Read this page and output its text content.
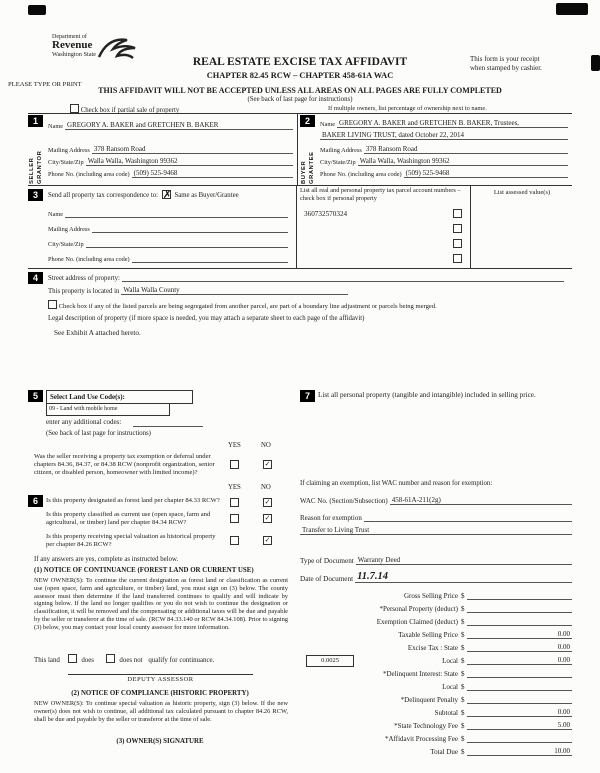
Department of
Revenue
Washington State
REAL ESTATE EXCISE TAX AFFIDAVIT
CHAPTER 82.45 RCW – CHAPTER 458-61A WAC
This form is your receipt
when stamped by cashier.
PLEASE TYPE OR PRINT
THIS AFFIDAVIT WILL NOT BE ACCEPTED UNLESS ALL AREAS ON ALL PAGES ARE FULLY COMPLETED
(See back of last page for instructions)
Check box if partial sale of property	If multiple owners, list percentage of ownership next to name.
1
SELLER GRANTOR
Name GREGORY A. BAKER and GRETCHEN B. BAKER
Mailing Address 378 Ransom Road
City/State/Zip Walla Walla, Washington 99362
Phone No. (including area code) (509) 525-9468
2
BUYER GRANTEE
Name GREGORY A. BAKER and GRETCHEN B. BAKER, Trustees,
BAKER LIVING TRUST, dated October 22, 2014
Mailing Address 378 Ransom Road
City/State/Zip Walla Walla, Washington 99362
Phone No. (including area code) (509) 525-9468
3	Send all property tax correspondence to: ✗ Same as Buyer/Grantee
Name
Mailing Address
City/State/Zip
Phone No. (including area code)
List all real and personal property tax parcel account numbers – check box if personal property
360732570324
List assessed value(s)
4	Street address of property:
This property is located in Walla Walla County
Check box if any of the listed parcels are being segregated from another parcel, are part of a boundary line adjustment or parcels being merged.
Legal description of property (if more space is needed, you may attach a separate sheet to each page of the affidavit)
See Exhibit A attached hereto.
5	Select Land Use Code(s):
09 - Land with mobile home
enter any additional codes:
(See back of last page for instructions)
YES	NO
Was the seller receiving a property tax exemption or deferral under chapters 84.36, 84.37, or 84.38 RCW (nonprofit organization, senior citizen, or disabled person, homeowner with limited income)?
✓
7	List all personal property (tangible and intangible) included in selling price.
YES	NO
6	Is this property designated as forest land per chapter 84.33 RCW?	✓
Is this property classified as current use (open space, farm and agricultural, or timber) land per chapter 84.34 RCW?
✓
Is this property receiving special valuation as historical property per chapter 84.26 RCW?
✓
If any answers are yes, complete as instructed below.
(1) NOTICE OF CONTINUANCE (FOREST LAND OR CURRENT USE)
NEW OWNER(S): To continue the current designation as forest land or classification as current use (open space, farm and agriculture, or timber) land, you must sign on (3) below. The county assessor must then determine if the land transferred continues to qualify and will indicate by signing below. If the land no longer qualifies or you do not wish to continue the designation or classification, it will be removed and the compensating or additional taxes will be due and payable by the seller or transferor at the time of sale. (RCW 84.33.140 or RCW 84.34.108). Prior to signing (3) below, you may contact your local county assessor for more information.
This land	does	does not qualify for continuance.
DEPUTY ASSESSOR
(2) NOTICE OF COMPLIANCE (HISTORIC PROPERTY)
NEW OWNER(S): To continue special valuation as historic property, sign (3) below. If the new owner(s) does not wish to continue, all additional tax calculated pursuant to chapter 84.26 RCW, shall be due and payable by the seller or transferor at the time of sale.
(3) OWNER(S) SIGNATURE
If claiming an exemption, list WAC number and reason for exemption:
WAC No. (Section/Subsection) 458-61A-211(2g)
Reason for exemption
Transfer to Living Trust
Type of Document Warranty Deed
Date of Document 11.7.14
Gross Selling Price $
*Personal Property (deduct) $
Exemption Claimed (deduct) $
Taxable Selling Price $	0.00
Excise Tax : State $	0.00
0.0025	Local $	0.00
*Delinquent Interest: State $
Local $
*Delinquent Penalty $
Subtotal $	0.00
*State Technology Fee $	5.00
*Affidavit Processing Fee $
Total Due $	10.00
